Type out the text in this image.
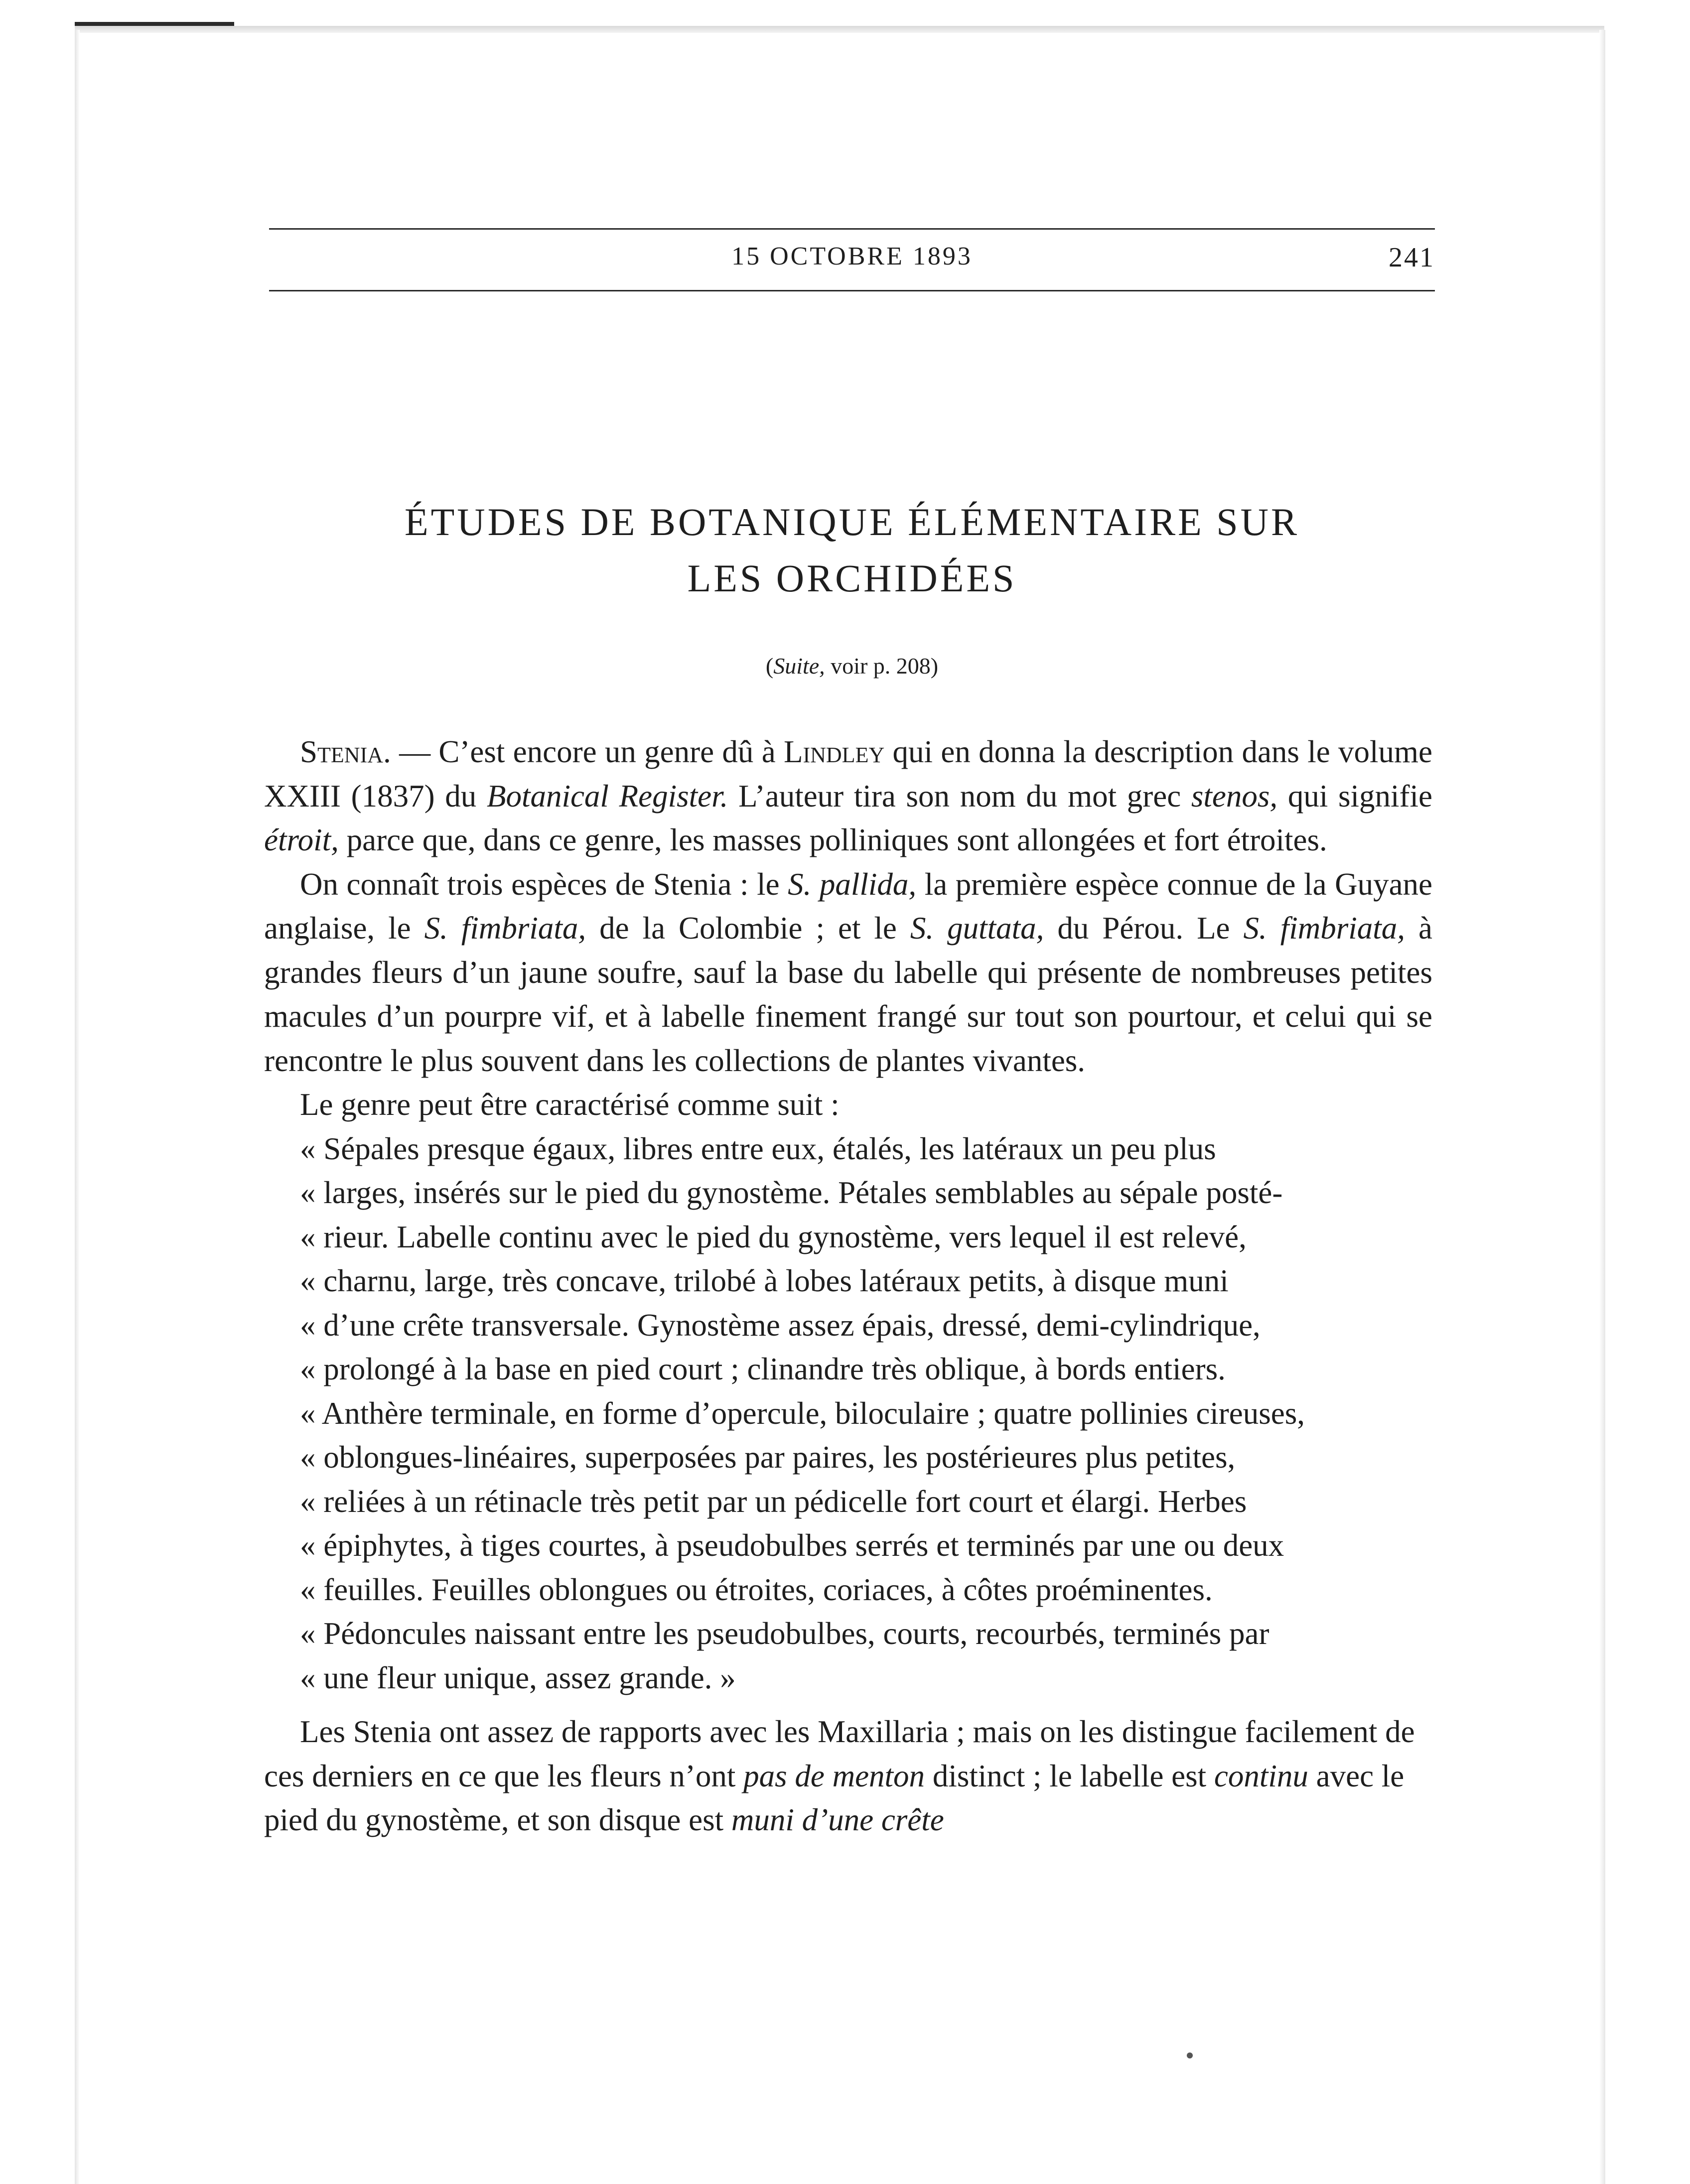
15 OCTOBRE 1893	241
ÉTUDES DE BOTANIQUE ÉLÉMENTAIRE SUR
LES ORCHIDÉES
(Suite, voir p. 208)

Stenia. — C’est encore un genre dû à Lindley qui en donna la description dans le volume XXIII (1837) du Botanical Register. L’auteur tira son nom du mot grec stenos, qui signifie étroit, parce que, dans ce genre, les masses polliniques sont allongées et fort étroites.

On connaît trois espèces de Stenia : le S. pallida, la première espèce connue de la Guyane anglaise, le S. fimbriata, de la Colombie ; et le S. guttata, du Pérou. Le S. fimbriata, à grandes fleurs d’un jaune soufre, sauf la base du labelle qui présente de nombreuses petites macules d’un pourpre vif, et à labelle finement frangé sur tout son pourtour, et celui qui se rencontre le plus souvent dans les collections de plantes vivantes.

Le genre peut être caractérisé comme suit :

« Sépales presque égaux, libres entre eux, étalés, les latéraux un peu plus
« larges, insérés sur le pied du gynostème. Pétales semblables au sépale posté-
« rieur. Labelle continu avec le pied du gynostème, vers lequel il est relevé,
« charnu, large, très concave, trilobé à lobes latéraux petits, à disque muni
« d’une crête transversale. Gynostème assez épais, dressé, demi-cylindrique,
« prolongé à la base en pied court ; clinandre très oblique, à bords entiers.
« Anthère terminale, en forme d’opercule, biloculaire ; quatre pollinies cireuses,
« oblongues-linéaires, superposées par paires, les postérieures plus petites,
« reliées à un rétinacle très petit par un pédicelle fort court et élargi. Herbes
« épiphytes, à tiges courtes, à pseudobulbes serrés et terminés par une ou deux
« feuilles. Feuilles oblongues ou étroites, coriaces, à côtes proéminentes.
« Pédoncules naissant entre les pseudobulbes, courts, recourbés, terminés par
« une fleur unique, assez grande. »

Les Stenia ont assez de rapports avec les Maxillaria ; mais on les distingue facilement de ces derniers en ce que les fleurs n’ont pas de menton distinct ; le labelle est continu avec le pied du gynostème, et son disque est muni d’une crête
